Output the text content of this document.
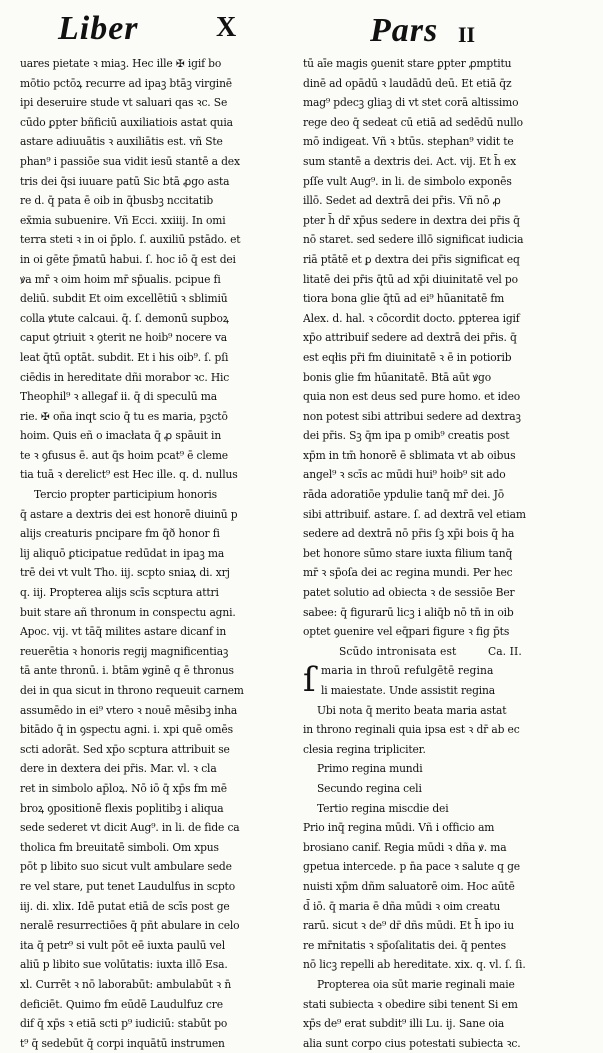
Liber	X	Pars II
uares pietate ꝛ miaꝫ. Hec ille ✠ igif bo
mōtio pctōꝝ recurre ad ipaꝫ btāꝫ virginē
ipi deseruire stude vt saluari qas ꝛc. Se
cūdo ꝑpter bñficiū auxiliatiois astat quia
astare adiuuātis ꝛ auxiliātis est. vñ Ste
phan⁹ i passiōe sua vidit iesū stantē a dex
tris dei q̄si iuuare patū Sic btā ꝓgo asta
re d. q̄ pata ē oib in q̄busbꝫ nccitatib
ex̄mia subuenire. Vñ Ecci. xxiiij. In omi
terra steti ꝛ in oi p̄plo. ſ. auxiliū pstādo. et
in oi gēte p̄matū habui. ſ. hoc iō q̄ est dei
ꝟa mr̄ ꝛ oim hoim mr̄ sp̄ualis. pcipue fi
deliū. subdit Et oim excellētiū ꝛ sblimiū
colla ꝟtute calcaui. q̄. ſ. demonū supboꝝ
caput ꝯtriuit ꝛ ꝯterit ne hoib⁹ nocere va
leat q̄tū optāt. subdit. Et i his oib⁹. ſ. pſi
ciēdis in hereditate dñi morabor ꝛc. Hic
Theophil⁹ ꝛ allegaf ii. q̄ di speculū ma
rie. ✠ oña inqt scio q̄ tu es maria, pꝫctō
hoim. Quis eñ o imacłata q̄ ꝓ spāuit in
te ꝛ ꝯfusus ē. aut q̄s hoim pcat⁹ ē cleme
tia tuā ꝛ derelict⁹ est Hec ille. q. d. nullus
Tercio propter participium honoris
q̄ astare a dextris dei est honorē diuinū p
alijs creaturis pncipare fm q̄ð honor fi
lij aliquō ꝑticipatue redūdat in ipaꝫ ma
trē dei vt vult Tho. iij. scpto sniaꝝ di. xrj
q. iij. Propterea alijs scīs scptura attri
buit stare añ thronum in conspectu agni.
Apoc. vij. vt tāq̄ milites astare dicanf in
reuerētia ꝛ honoris regij magnificentiaꝫ
tā ante thronū. i. btām ꝟginē q ē thronus
dei in qua sicut in throno requeuit carnem
assumēdo in ei⁹ vtero ꝛ nouē mēsibꝫ inha
bitādo q̄ in ꝯspectu agni. i. xpi quē omēs
scti adorāt. Sed xp̄o scptura attribuit se
dere in dextera dei pr̄is. Mar. vl. ꝛ cla
ret in simbolo ap̄loꝝ. Nō iō q̄ xp̄s fm mē
broꝝ ꝯpositionē flexis poplitibꝫ i aliqua
sede sederet vt dicit Aug⁹. in li. de fide ca
tholica fm breuitatē simboli. Om xpus
pōt p libito suo sicut vult ambulare sede
re vel stare, put tenet Laudulfus in scpto
iij. di. xlix. Idē putat etiā de scīs post ge
neralē resurrectiōes q̄ pñt abulare in celo
ita q̄ petr⁹ si vult pōt eē iuxta paulū vel
aliū p libito sue volūtatis: iuxta illō Esa.
xl. Currēt ꝛ nō laborabūt: ambulabūt ꝛ n̄
deficiēt. Quimo fm eūdē Laudulfuz cre
dif q̄ xp̄s ꝛ etiā scti p⁹ iudiciū: stabūt po
t⁹ q̄ sedebūt q̄ corpi inquātū instrumen
tū aīe magis ꝯuenit stare ꝑpter ꝓmptitu
dinē ad opādū ꝛ laudādū deū. Et etiā q̄z
mag⁹ pdecꝫ gliaꝫ di vt stet corā altissimo
rege deo q̄ sedeat cū etiā ad sedēdū nullo
mō indigeat. Vñ ꝛ btūs. stephan⁹ vidit te
sum stantē a dextris dei. Act. vij. Et h̄ ex
pſſe vult Aug⁹. in li. de simbolo exponēs
illō. Sedet ad dextrā dei pr̄is. Vñ nō ꝓ
pter h̄ dr̄ xp̄us sedere in dextra dei pr̄is q̄
nō staret. sed sedere illō significat iudicia
riā ptātē et ꝑ dextra dei pr̄is significat eq
litatē dei pr̄is q̄tū ad xp̄i diuinitatē vel po
tiora bona glie q̄tū ad ei⁹ hūanitatē fm
Alex. d. hal. ꝛ cōcordit docto. ꝑpterea igif
xp̄o attribuif sedere ad dextrā dei pr̄is. q̄
est eqłis pr̄i fm diuinitatē ꝛ ē in potiorib
bonis glie fm hūanitatē. Btā aūt ꝟgo
quia non est deus sed pure homo. et ideo
non potest sibi attribui sedere ad dextraꝫ
dei pr̄is. Sꝫ q̄m ipa p omib⁹ creatis post
xp̄m in tm̄ honorē ē sblimata vt ab oibus
angel⁹ ꝛ scīs ac mūdi hui⁹ hoib⁹ sit ado
rāda adoratiōe ypdulie tanq̄ mr̄ dei. Jō
sibi attribuif. astare. ſ. ad dextrā vel etiam
sedere ad dextrā nō pr̄is ſꝫ xp̄i bois q̄ ha
bet honore sūmo stare iuxta filium tanq̄
mr̄ ꝛ sp̄oſa dei ac regina mundi. Per hec
patet solutio ad obiecta ꝛ de sessiōe Ber
sabee: q̄ figurarū licꝫ i aliq̄b nō tn̄ in oib
optet ꝯuenire vel eq̄pari figure ꝛ fig p̄ts
Scūdo intronisata est	Ca. II.
ſ maria in throū refulgētē regina
li maiestate. Unde assistit regina
Ubi nota q̄ merito beata maria astat
in throno reginali quia ipsa est ꝛ dr̄ ab ec
clesia regina tripliciter.
Primo regina mundi
Secundo regina celi
Tertio regina miscdie dei
Prio inq̄ regina mūdi. Vñ i officio am
brosiano canif. Regia mūdi ꝛ dña ꝟ. ma
gpetua intercede. p n̄a pace ꝛ salute q ge
nuisti xp̄m dñm saluatorē oim. Hoc aūtē
d̄ iō. q̄ maria ē dña mūdi ꝛ oim creatu
rarū. sicut ꝛ de⁹ dr̄ dñs mūdi. Et h̄ ipo iu
re mr̄nitatis ꝛ sp̄oſalitatis dei. q̄ pentes
nō licꝫ repelli ab hereditate. xix. q. vl. ſ. ſi.
Propterea oia sūt marie reginali maie
stati subiecta ꝛ obedire sibi tenent Si em
xp̄s de⁹ erat subdit⁹ illi Lu. ij. Sane oia
alia sunt corpo cius potestati subiecta ꝛc.
